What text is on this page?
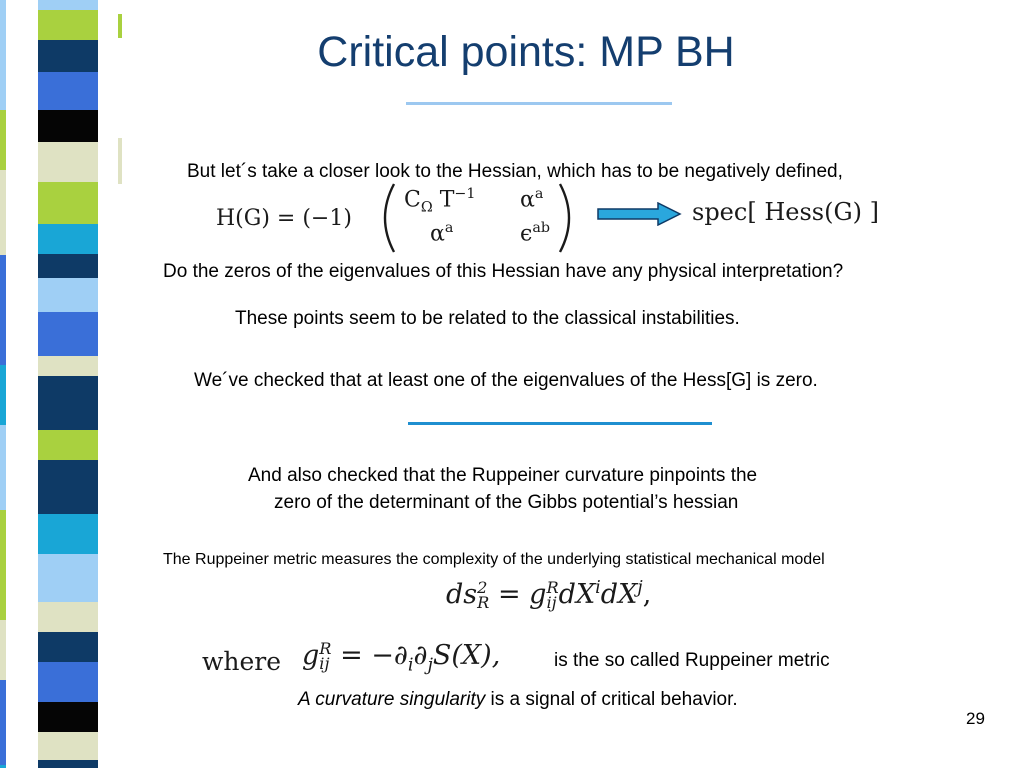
Critical points: MP BH
But let´s take a closer look to the Hessian, which has to be negatively defined,
H(G) = (−1)
$C_\Omega$ $T^{-1}$ $\alpha^a$
$\alpha^a$	$\epsilon^{ab}$
spec[ Hess(G) ]
Do the zeros of the eigenvalues of this Hessian have any physical interpretation?
These points seem to be related to the classical instabilities.
We´ve checked that at least one of the eigenvalues of the Hess[G] is zero.
And also checked that the Ruppeiner curvature pinpoints the
zero of the determinant of the Gibbs potential’s hessian
The Ruppeiner metric measures the complexity of the underlying statistical mechanical model
ds2
R = gR
$ijdX^idX^j$,
where gR
ij = $-\partial_i\partial_jS(X)$,	is the so called Ruppeiner metric
A curvature singularity is a signal of critical behavior.
29
